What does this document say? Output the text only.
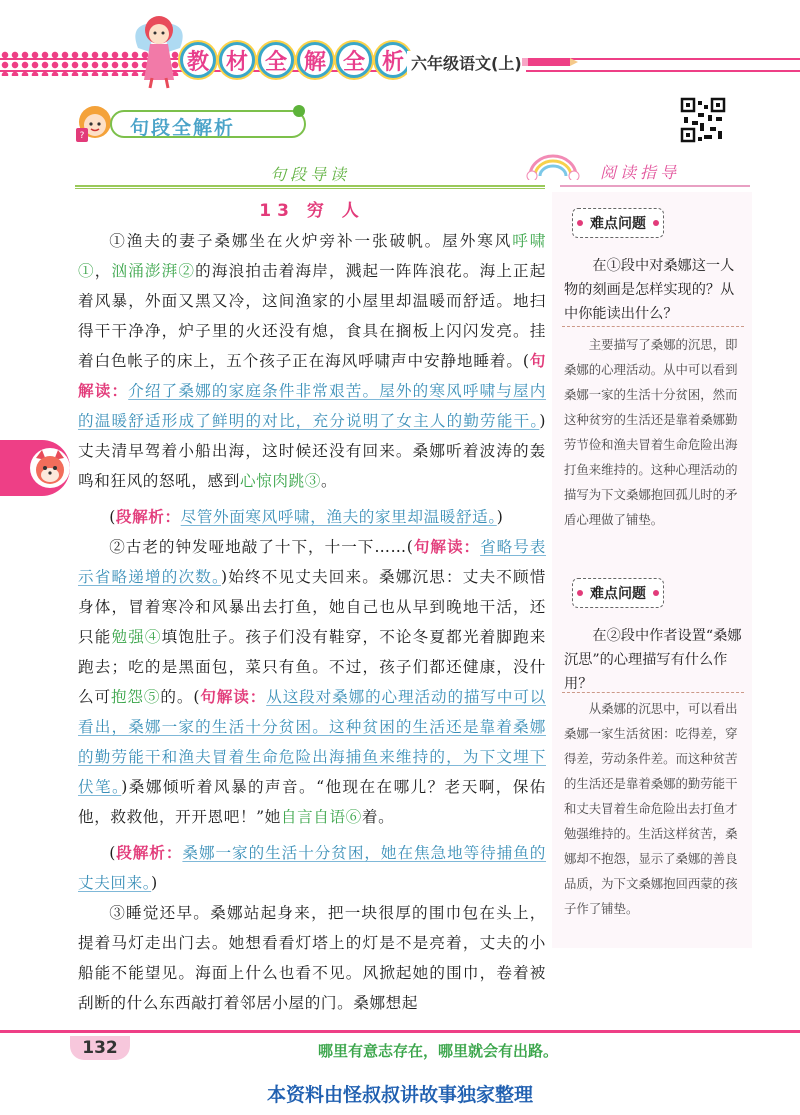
教 材 全 解 全 析 六年级语文(上)
? 句段全解析
句段导读	阅读指导
13 穷 人

①渔夫的妻子桑娜坐在火炉旁补一张破帆。屋外寒风呼啸①，汹涌澎湃②的海浪拍击着海岸，溅起一阵阵浪花。海上正起着风暴，外面又黑又冷，这间渔家的小屋里却温暖而舒适。地扫得干干净净，炉子里的火还没有熄，食具在搁板上闪闪发亮。挂着白色帐子的床上，五个孩子正在海风呼啸声中安静地睡着。(句解读：介绍了桑娜的家庭条件非常艰苦。屋外的寒风呼啸与屋内的温暖舒适形成了鲜明的对比，充分说明了女主人的勤劳能干。)丈夫清早驾着小船出海，这时候还没有回来。桑娜听着波涛的轰鸣和狂风的怒吼，感到心惊肉跳③。

(段解析：尽管外面寒风呼啸，渔夫的家里却温暖舒适。)

②古老的钟发哑地敲了十下，十一下……(句解读：省略号表示省略递增的次数。)始终不见丈夫回来。桑娜沉思：丈夫不顾惜身体，冒着寒冷和风暴出去打鱼，她自己也从早到晚地干活，还只能勉强④填饱肚子。孩子们没有鞋穿，不论冬夏都光着脚跑来跑去；吃的是黑面包，菜只有鱼。不过，孩子们都还健康，没什么可抱怨⑤的。(句解读：从这段对桑娜的心理活动的描写中可以看出，桑娜一家的生活十分贫困。这种贫困的生活还是靠着桑娜的勤劳能干和渔夫冒着生命危险出海捕鱼来维持的，为下文埋下伏笔。)桑娜倾听着风暴的声音。“他现在在哪儿？老天啊，保佑他，救救他，开开恩吧！”她自言自语⑥着。

(段解析：桑娜一家的生活十分贫困，她在焦急地等待捕鱼的丈夫回来。)

③睡觉还早。桑娜站起身来，把一块很厚的围巾包在头上，提着马灯走出门去。她想看看灯塔上的灯是不是亮着，丈夫的小船能不能望见。海面上什么也看不见。风掀起她的围巾，卷着被刮断的什么东西敲打着邻居小屋的门。桑娜想起

难点问题
在①段中对桑娜这一人物的刻画是怎样实现的？从中你能读出什么？
主要描写了桑娜的沉思，即桑娜的心理活动。从中可以看到桑娜一家的生活十分贫困，然而这种贫穷的生活还是靠着桑娜勤劳节俭和渔夫冒着生命危险出海打鱼来维持的。这种心理活动的描写为下文桑娜抱回孤儿时的矛盾心理做了铺垫。
难点问题
在②段中作者设置“桑娜沉思”的心理描写有什么作用？
从桑娜的沉思中，可以看出桑娜一家生活贫困：吃得差，穿得差，劳动条件差。而这种贫苦的生活还是靠着桑娜的勤劳能干和丈夫冒着生命危险出去打鱼才勉强维持的。生活这样贫苦，桑娜却不抱怨，显示了桑娜的善良品质，为下文桑娜抱回西蒙的孩子作了铺垫。
132	哪里有意志存在，哪里就会有出路。
本资料由怪叔叔讲故事独家整理
